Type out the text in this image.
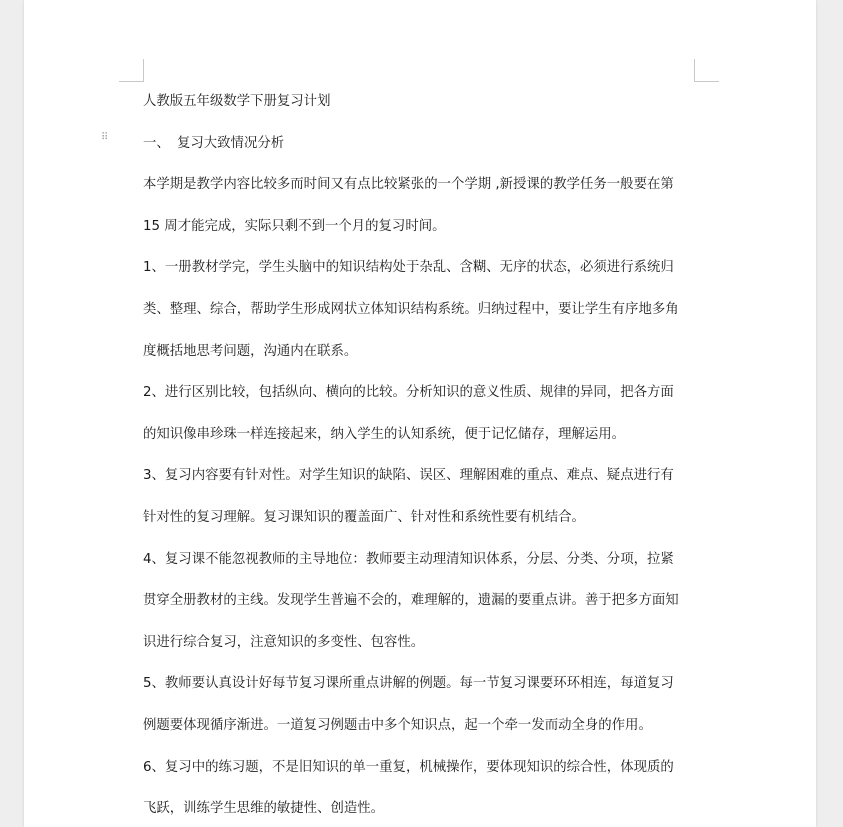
⠿
人教版五年级数学下册复习计划
一、 复习大致情况分析
本学期是教学内容比较多而时间又有点比较紧张的一个学期 ,新授课的教学任务一般要在第
15 周才能完成，实际只剩不到一个月的复习时间。
1、一册教材学完，学生头脑中的知识结构处于杂乱、含糊、无序的状态，必须进行系统归
类、整理、综合，帮助学生形成网状立体知识结构系统。归纳过程中，要让学生有序地多角
度概括地思考问题，沟通内在联系。
2、进行区别比较，包括纵向、横向的比较。分析知识的意义性质、规律的异同，把各方面
的知识像串珍珠一样连接起来，纳入学生的认知系统，便于记忆储存，理解运用。
3、复习内容要有针对性。对学生知识的缺陷、误区、理解困难的重点、难点、疑点进行有
针对性的复习理解。复习课知识的覆盖面广、针对性和系统性要有机结合。
4、复习课不能忽视教师的主导地位：教师要主动理清知识体系，分层、分类、分项，拉紧
贯穿全册教材的主线。发现学生普遍不会的，难理解的，遗漏的要重点讲。善于把多方面知
识进行综合复习，注意知识的多变性、包容性。
5、教师要认真设计好每节复习课所重点讲解的例题。每一节复习课要环环相连，每道复习
例题要体现循序渐进。一道复习例题击中多个知识点，起一个牵一发而动全身的作用。
6、复习中的练习题，不是旧知识的单一重复，机械操作，要体现知识的综合性，体现质的
飞跃，训练学生思维的敏捷性、创造性。
